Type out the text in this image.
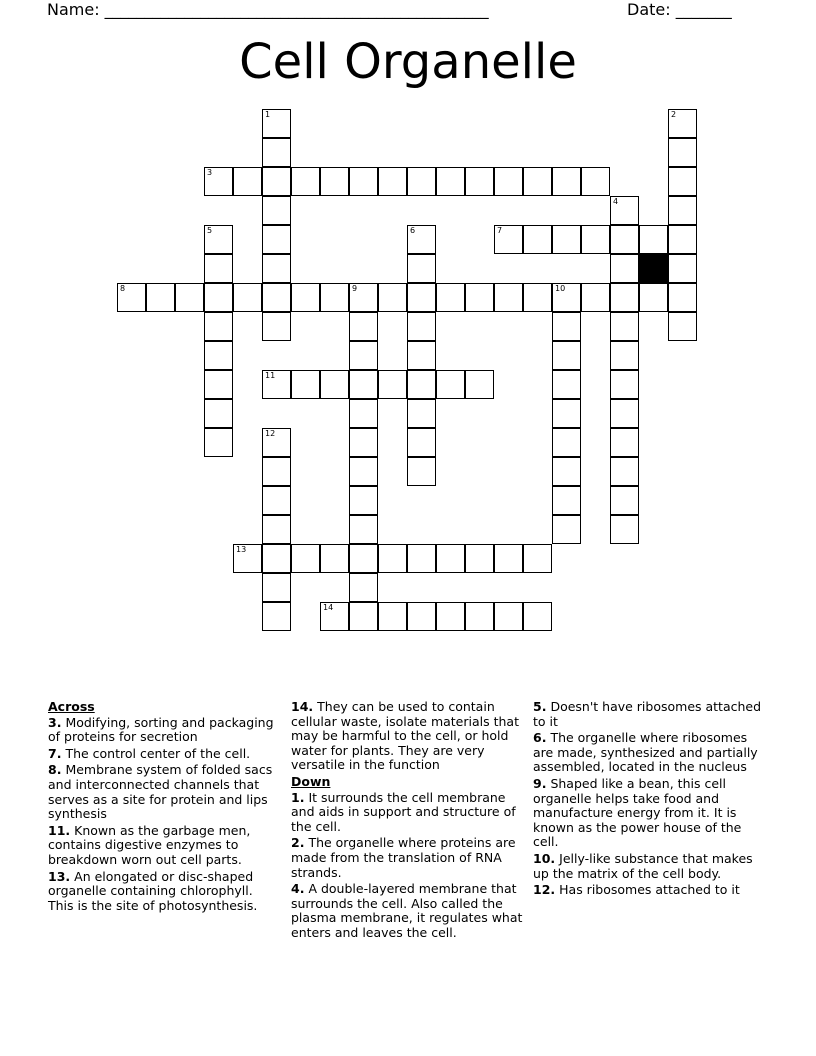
Name: ________________________________________________	Date: _______
Cell Organelle
1	2
3
4
5	6	7
8	9	10
11
12
13
14
Across
3. Modifying, sorting and packaging of proteins for secretion
7. The control center of the cell.
8. Membrane system of folded sacs and interconnected channels that serves as a site for protein and lips synthesis
11. Known as the garbage men, contains digestive enzymes to breakdown worn out cell parts.
13. An elongated or disc-shaped organelle containing chlorophyll. This is the site of photosynthesis.
14. They can be used to contain cellular waste, isolate materials that may be harmful to the cell, or hold water for plants. They are very versatile in the function
Down
1. It surrounds the cell membrane and aids in support and structure of the cell.
2. The organelle where proteins are made from the translation of RNA strands.
4. A double-layered membrane that surrounds the cell. Also called the plasma membrane, it regulates what enters and leaves the cell.
5. Doesn't have ribosomes attached to it
6. The organelle where ribosomes are made, synthesized and partially assembled, located in the nucleus
9. Shaped like a bean, this cell organelle helps take food and manufacture energy from it. It is known as the power house of the cell.
10. Jelly-like substance that makes up the matrix of the cell body.
12. Has ribosomes attached to it
